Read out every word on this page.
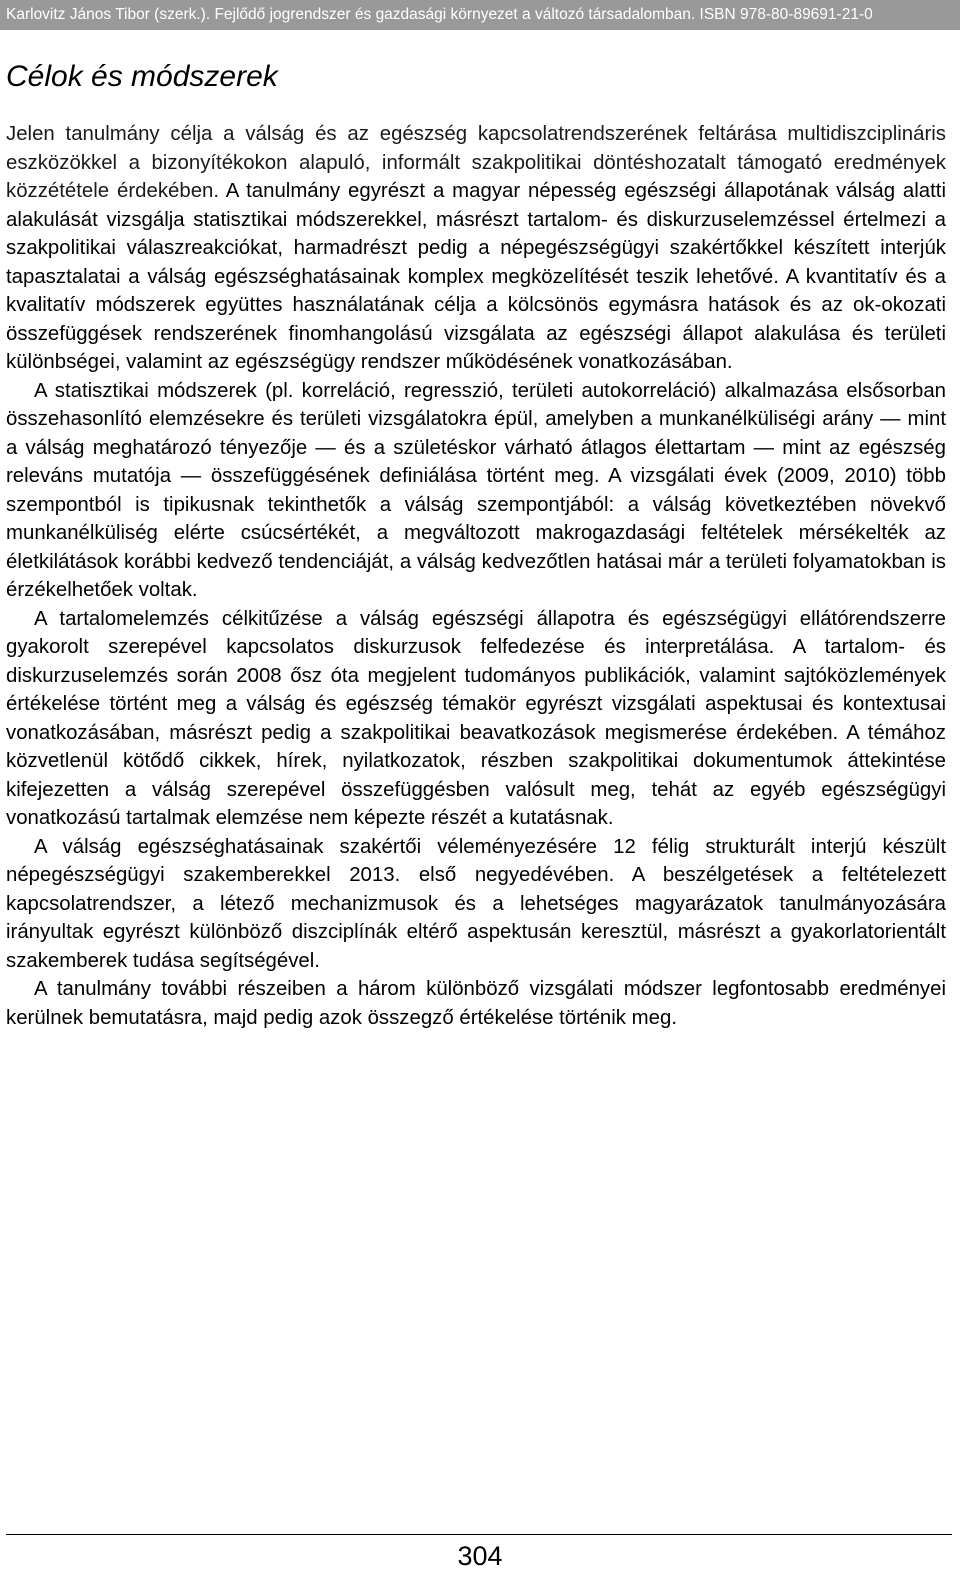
Karlovitz János Tibor (szerk.). Fejlődő jogrendszer és gazdasági környezet a változó társadalomban. ISBN 978-80-89691-21-0
Célok és módszerek

Jelen tanulmány célja a válság és az egészség kapcsolatrendszerének feltárása multidiszciplináris eszközökkel a bizonyítékokon alapuló, informált szakpolitikai döntéshozatalt támogató eredmények közzététele érdekében. A tanulmány egyrészt a magyar népesség egészségi állapotának válság alatti alakulását vizsgálja statisztikai módszerekkel, másrészt tartalom- és diskurzuselemzéssel értelmezi a szakpolitikai válaszreakciókat, harmadrészt pedig a népegészségügyi szakértőkkel készített interjúk tapasztalatai a válság egészséghatásainak komplex megközelítését teszik lehetővé. A kvantitatív és a kvalitatív módszerek együttes használatának célja a kölcsönös egymásra hatások és az ok-okozati összefüggések rendszerének finomhangolású vizsgálata az egészségi állapot alakulása és területi különbségei, valamint az egészségügy rendszer működésének vonatkozásában.

A statisztikai módszerek (pl. korreláció, regresszió, területi autokorreláció) alkalmazása elsősorban összehasonlító elemzésekre és területi vizsgálatokra épül, amelyben a munkanélküliségi arány — mint a válság meghatározó tényezője — és a születéskor várható átlagos élettartam — mint az egészség releváns mutatója — összefüggésének definiálása történt meg. A vizsgálati évek (2009, 2010) több szempontból is tipikusnak tekinthetők a válság szempontjából: a válság következtében növekvő munkanélküliség elérte csúcsértékét, a megváltozott makrogazdasági feltételek mérsékelték az életkilátások korábbi kedvező tendenciáját, a válság kedvezőtlen hatásai már a területi folyamatokban is érzékelhetőek voltak.

A tartalomelemzés célkitűzése a válság egészségi állapotra és egészségügyi ellátórendszerre gyakorolt szerepével kapcsolatos diskurzusok felfedezése és interpretálása. A tartalom- és diskurzuselemzés során 2008 ősz óta megjelent tudományos publikációk, valamint sajtóközlemények értékelése történt meg a válság és egészség témakör egyrészt vizsgálati aspektusai és kontextusai vonatkozásában, másrészt pedig a szakpolitikai beavatkozások megismerése érdekében. A témához közvetlenül kötődő cikkek, hírek, nyilatkozatok, részben szakpolitikai dokumentumok áttekintése kifejezetten a válság szerepével összefüggésben valósult meg, tehát az egyéb egészségügyi vonatkozású tartalmak elemzése nem képezte részét a kutatásnak.

A válság egészséghatásainak szakértői véleményezésére 12 félig strukturált interjú készült népegészségügyi szakemberekkel 2013. első negyedévében. A beszélgetések a feltételezett kapcsolatrendszer, a létező mechanizmusok és a lehetséges magyarázatok tanulmányozására irányultak egyrészt különböző diszciplínák eltérő aspektusán keresztül, másrészt a gyakorlatorientált szakemberek tudása segítségével.

A tanulmány további részeiben a három különböző vizsgálati módszer legfontosabb eredményei kerülnek bemutatásra, majd pedig azok összegző értékelése történik meg.

304
